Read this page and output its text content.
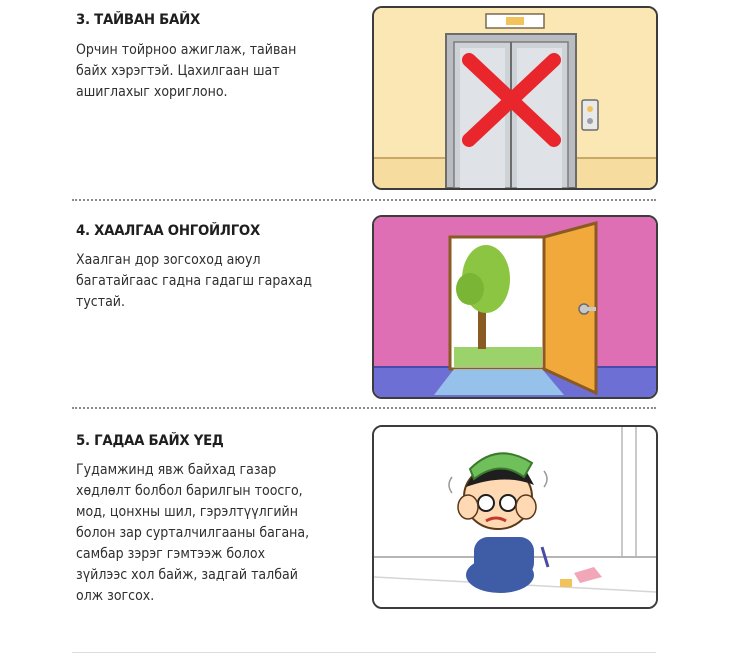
3. ТАЙВАН БАЙХ
Орчин тойрноо ажиглаж, тайван
байх хэрэгтэй. Цахилгаан шат
ашиглахыг хориглоно.
4. ХААЛГАА ОНГОЙЛГОХ
Хаалган дор зогсоход аюул
багатайгаас гадна гадагш гарахад
тустай.
5. ГАДАА БАЙХ ҮЕД
Гудамжинд явж байхад газар
хөдлөлт болбол барилгын тоосго,
мод, цонхны шил, гэрэлтүүлгийн
болон зар сурталчилгааны багана,
самбар зэрэг гэмтээж болох
зүйлээс хол байж, задгай талбай
олж зогсох.
